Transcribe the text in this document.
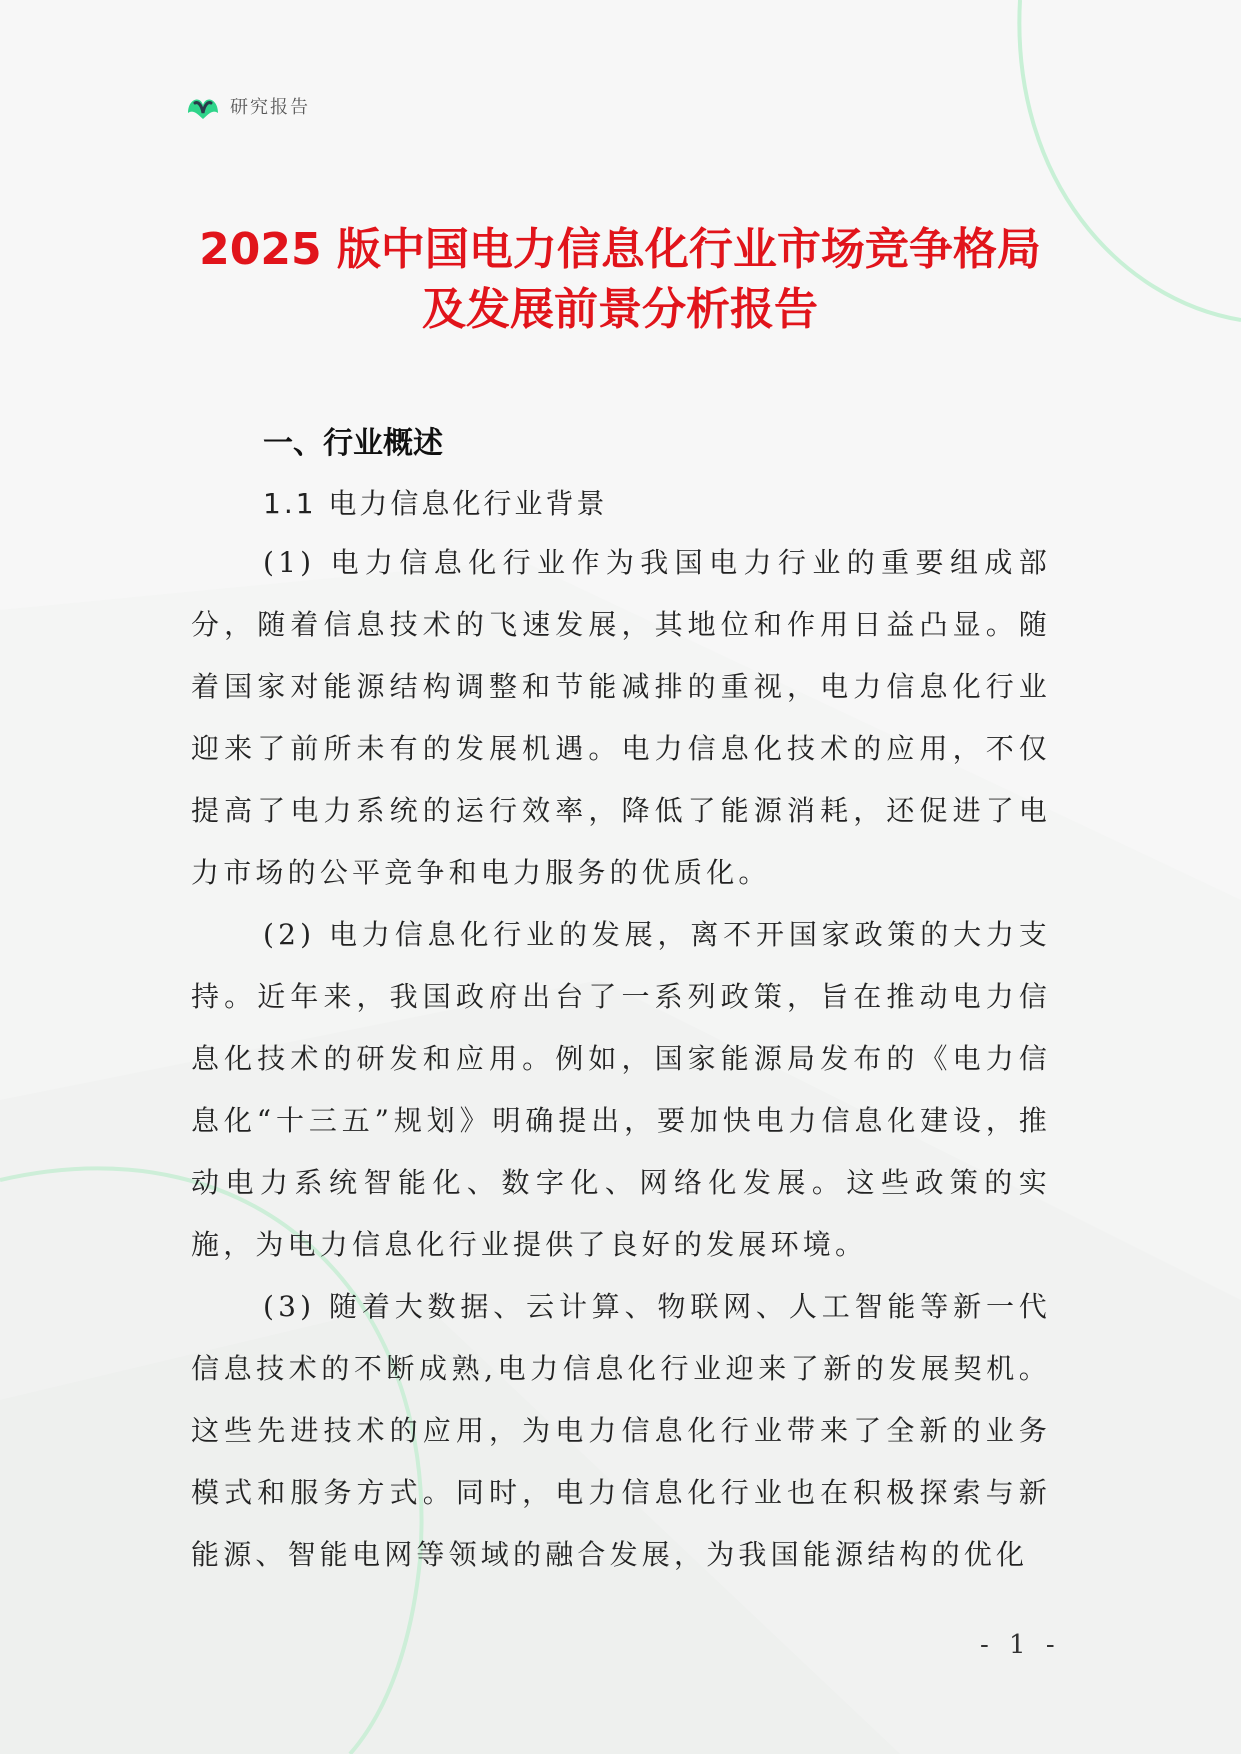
研究报告
2025 版中国电力信息化行业市场竞争格局及发展前景分析报告
一、行业概述
1.1 电力信息化行业背景

(1) 电力信息化行业作为我国电力行业的重要组成部分，随着信息技术的飞速发展，其地位和作用日益凸显。随着国家对能源结构调整和节能减排的重视，电力信息化行业迎来了前所未有的发展机遇。电力信息化技术的应用，不仅提高了电力系统的运行效率，降低了能源消耗，还促进了电力市场的公平竞争和电力服务的优质化。

(2) 电力信息化行业的发展，离不开国家政策的大力支持。近年来，我国政府出台了一系列政策，旨在推动电力信息化技术的研发和应用。例如，国家能源局发布的《电力信息化“十三五”规划》明确提出，要加快电力信息化建设，推动电力系统智能化、数字化、网络化发展。这些政策的实施，为电力信息化行业提供了良好的发展环境。

(3) 随着大数据、云计算、物联网、人工智能等新一代信息技术的不断成熟,电力信息化行业迎来了新的发展契机。这些先进技术的应用，为电力信息化行业带来了全新的业务模式和服务方式。同时，电力信息化行业也在积极探索与新能源、智能电网等领域的融合发展，为我国能源结构的优化

- 1 -
